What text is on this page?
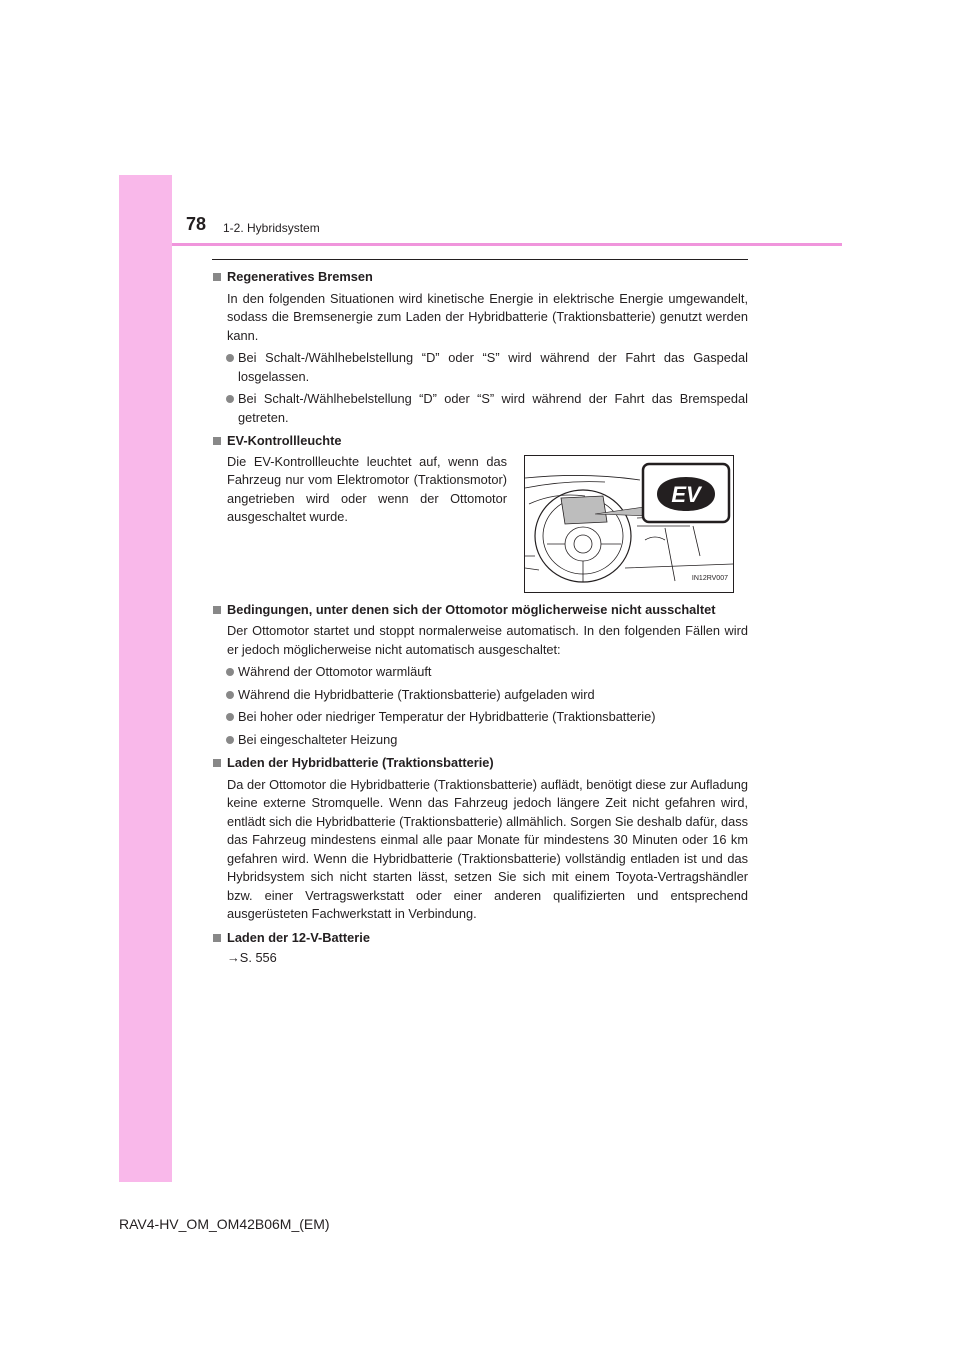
78 1-2. Hybridsystem
Regeneratives Bremsen

In den folgenden Situationen wird kinetische Energie in elektrische Energie umgewandelt, sodass die Bremsenergie zum Laden der Hybridbatterie (Traktionsbatterie) genutzt werden kann.

Bei Schalt-/Wählhebelstellung “D” oder “S” wird während der Fahrt das Gaspedal losgelassen.
Bei Schalt-/Wählhebelstellung “D” oder “S” wird während der Fahrt das Bremspedal getreten.
EV-Kontrollleuchte

Die EV-Kontrollleuchte leuchtet auf, wenn das Fahrzeug nur vom Elektromotor (Traktionsmotor) angetrieben wird oder wenn der Ottomotor ausgeschaltet wurde.

EV
IN12RV007
Bedingungen, unter denen sich der Ottomotor möglicherweise nicht ausschaltet

Der Ottomotor startet und stoppt normalerweise automatisch. In den folgenden Fällen wird er jedoch möglicherweise nicht automatisch ausgeschaltet:

Während der Ottomotor warmläuft
Während die Hybridbatterie (Traktionsbatterie) aufgeladen wird
Bei hoher oder niedriger Temperatur der Hybridbatterie (Traktionsbatterie)
Bei eingeschalteter Heizung
Laden der Hybridbatterie (Traktionsbatterie)

Da der Ottomotor die Hybridbatterie (Traktionsbatterie) auflädt, benötigt diese zur Aufladung keine externe Stromquelle. Wenn das Fahrzeug jedoch längere Zeit nicht gefahren wird, entlädt sich die Hybridbatterie (Traktionsbatterie) allmählich. Sorgen Sie deshalb dafür, dass das Fahrzeug mindestens einmal alle paar Monate für mindestens 30 Minuten oder 16 km gefahren wird. Wenn die Hybridbatterie (Traktionsbatterie) vollständig entladen ist und das Hybridsystem sich nicht starten lässt, setzen Sie sich mit einem Toyota-Vertragshändler bzw. einer Vertragswerkstatt oder einer anderen qualifizierten und entsprechend ausgerüsteten Fachwerkstatt in Verbindung.

Laden der 12-V-Batterie
→S. 556
RAV4-HV_OM_OM42B06M_(EM)
